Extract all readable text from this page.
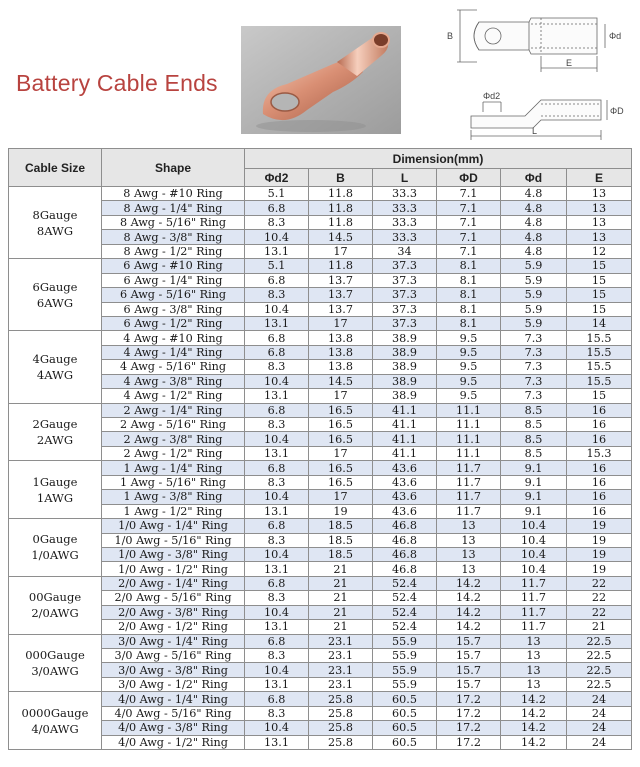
Battery Cable Ends
B	Φd
E
Φd2
ΦD
L
Cable Size	Shape	Dimension(mm)					
		Φd2	B	L	ΦD	Φd	E

8Gauge
8AWG	8 Awg - #10 Ring	5.1	11.8	33.3	7.1	4.8	13
	8 Awg - 1/4" Ring	6.8	11.8	33.3	7.1	4.8	13
	8 Awg - 5/16" Ring	8.3	11.8	33.3	7.1	4.8	13
	8 Awg - 3/8" Ring	10.4	14.5	33.3	7.1	4.8	13
	8 Awg - 1/2" Ring	13.1	17	34	7.1	4.8	12

6Gauge
6AWG	6 Awg - #10 Ring	5.1	11.8	37.3	8.1	5.9	15
	6 Awg - 1/4" Ring	6.8	13.7	37.3	8.1	5.9	15
	6 Awg - 5/16" Ring	8.3	13.7	37.3	8.1	5.9	15
	6 Awg - 3/8" Ring	10.4	13.7	37.3	8.1	5.9	15
	6 Awg - 1/2" Ring	13.1	17	37.3	8.1	5.9	14

4Gauge
4AWG	4 Awg - #10 Ring	6.8	13.8	38.9	9.5	7.3	15.5
	4 Awg - 1/4" Ring	6.8	13.8	38.9	9.5	7.3	15.5
	4 Awg - 5/16" Ring	8.3	13.8	38.9	9.5	7.3	15.5
	4 Awg - 3/8" Ring	10.4	14.5	38.9	9.5	7.3	15.5
	4 Awg - 1/2" Ring	13.1	17	38.9	9.5	7.3	15

2Gauge
2AWG	2 Awg - 1/4" Ring	6.8	16.5	41.1	11.1	8.5	16
	2 Awg - 5/16" Ring	8.3	16.5	41.1	11.1	8.5	16
	2 Awg - 3/8" Ring	10.4	16.5	41.1	11.1	8.5	16
	2 Awg - 1/2" Ring	13.1	17	41.1	11.1	8.5	15.3

1Gauge
1AWG	1 Awg - 1/4" Ring	6.8	16.5	43.6	11.7	9.1	16
	1 Awg - 5/16" Ring	8.3	16.5	43.6	11.7	9.1	16
	1 Awg - 3/8" Ring	10.4	17	43.6	11.7	9.1	16
	1 Awg - 1/2" Ring	13.1	19	43.6	11.7	9.1	16

0Gauge
1/0AWG	1/0 Awg - 1/4" Ring	6.8	18.5	46.8	13	10.4	19
	1/0 Awg - 5/16" Ring	8.3	18.5	46.8	13	10.4	19
	1/0 Awg - 3/8" Ring	10.4	18.5	46.8	13	10.4	19
	1/0 Awg - 1/2" Ring	13.1	21	46.8	13	10.4	19

00Gauge
2/0AWG	2/0 Awg - 1/4" Ring	6.8	21	52.4	14.2	11.7	22
	2/0 Awg - 5/16" Ring	8.3	21	52.4	14.2	11.7	22
	2/0 Awg - 3/8" Ring	10.4	21	52.4	14.2	11.7	22
	2/0 Awg - 1/2" Ring	13.1	21	52.4	14.2	11.7	21

000Gauge
3/0AWG	3/0 Awg - 1/4" Ring	6.8	23.1	55.9	15.7	13	22.5
	3/0 Awg - 5/16" Ring	8.3	23.1	55.9	15.7	13	22.5
	3/0 Awg - 3/8" Ring	10.4	23.1	55.9	15.7	13	22.5
	3/0 Awg - 1/2" Ring	13.1	23.1	55.9	15.7	13	22.5

0000Gauge
4/0AWG	4/0 Awg - 1/4" Ring	6.8	25.8	60.5	17.2	14.2	24
	4/0 Awg - 5/16" Ring	8.3	25.8	60.5	17.2	14.2	24
	4/0 Awg - 3/8" Ring	10.4	25.8	60.5	17.2	14.2	24
	4/0 Awg - 1/2" Ring	13.1	25.8	60.5	17.2	14.2	24
